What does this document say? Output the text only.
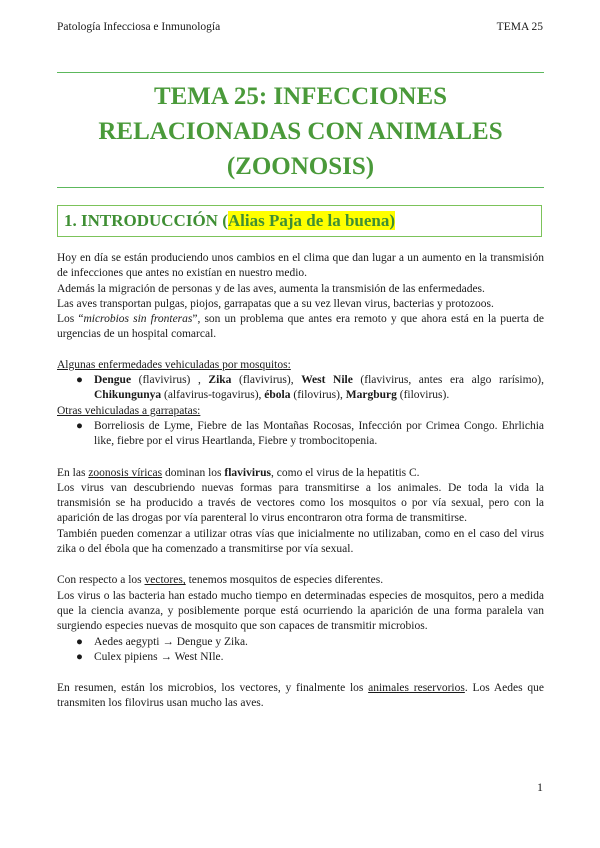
Patología Infecciosa e Inmunología	TEMA 25
TEMA 25: INFECCIONES
RELACIONADAS CON ANIMALES
(ZOONOSIS)
1. INTRODUCCIÓN (Alias Paja de la buena)

Hoy en día se están produciendo unos cambios en el clima que dan lugar a un aumento en la transmisión de infecciones que antes no existían en nuestro medio.

Además la migración de personas y de las aves, aumenta la transmisión de las enfermedades.

Las aves transportan pulgas, piojos, garrapatas que a su vez llevan virus, bacterias y protozoos.

Los “microbios sin fronteras”, son un problema que antes era remoto y que ahora está en la puerta de urgencias de un hospital comarcal.

Algunas enfermedades vehiculadas por mosquitos:

● Dengue (flavivirus) , Zika (flavivirus), West Nile (flavivirus, antes era algo rarísimo), Chikungunya (alfavirus-togavirus), ébola (filovirus), Margburg (filovirus).

Otras vehiculadas a garrapatas:

● Borreliosis de Lyme, Fiebre de las Montañas Rocosas, Infección por Crimea Congo. Ehrlichia like, fiebre por el virus Heartlanda, Fiebre y trombocitopenia.

En las zoonosis víricas dominan los flavivirus, como el virus de la hepatitis C.

Los virus van descubriendo nuevas formas para transmitirse a los animales. De toda la vida la transmisión se ha producido a través de vectores como los mosquitos o por vía sexual, pero con la aparición de las drogas por vía parenteral lo virus encontraron otra forma de transmitirse.

También pueden comenzar a utilizar otras vías que inicialmente no utilizaban, como en el caso del virus zika o del ébola que ha comenzado a transmitirse por vía sexual.

Con respecto a los vectores, tenemos mosquitos de especies diferentes.

Los virus o las bacteria han estado mucho tiempo en determinadas especies de mosquitos, pero a medida que la ciencia avanza, y posiblemente porque está ocurriendo la aparición de una forma paralela van surgiendo especies nuevas de mosquito que son capaces de transmitir microbios.

● Aedes aegypti → Dengue y Zika.
● Culex pipiens → West NIle.

En resumen, están los microbios, los vectores, y finalmente los animales reservorios. Los Aedes que transmiten los filovirus usan mucho las aves.

1
